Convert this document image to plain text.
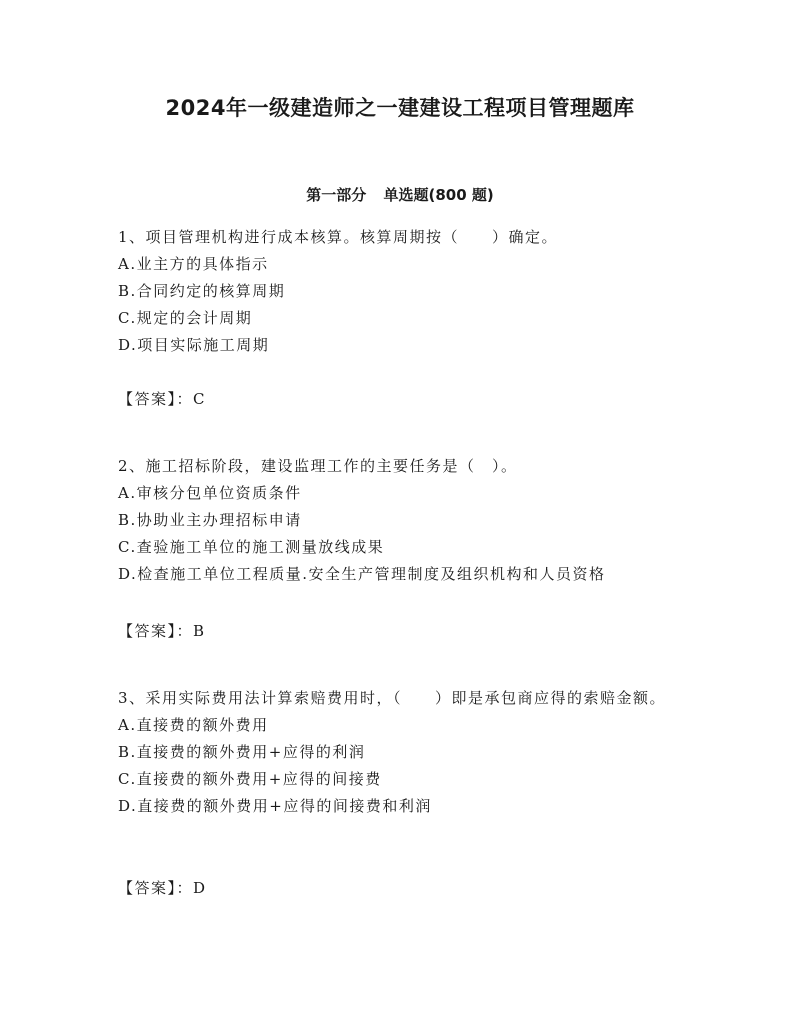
2024年一级建造师之一建建设工程项目管理题库
第一部分 单选题(800 题)
1、项目管理机构进行成本核算。核算周期按（　　）确定。
A.业主方的具体指示
B.合同约定的核算周期
C.规定的会计周期
D.项目实际施工周期
【答案】：C
2、施工招标阶段，建设监理工作的主要任务是（　）。
A.审核分包单位资质条件
B.协助业主办理招标申请
C.查验施工单位的施工测量放线成果
D.检查施工单位工程质量.安全生产管理制度及组织机构和人员资格
【答案】：B
3、采用实际费用法计算索赔费用时，（　　）即是承包商应得的索赔金额。
A.直接费的额外费用
B.直接费的额外费用+应得的利润
C.直接费的额外费用+应得的间接费
D.直接费的额外费用+应得的间接费和利润
【答案】：D
